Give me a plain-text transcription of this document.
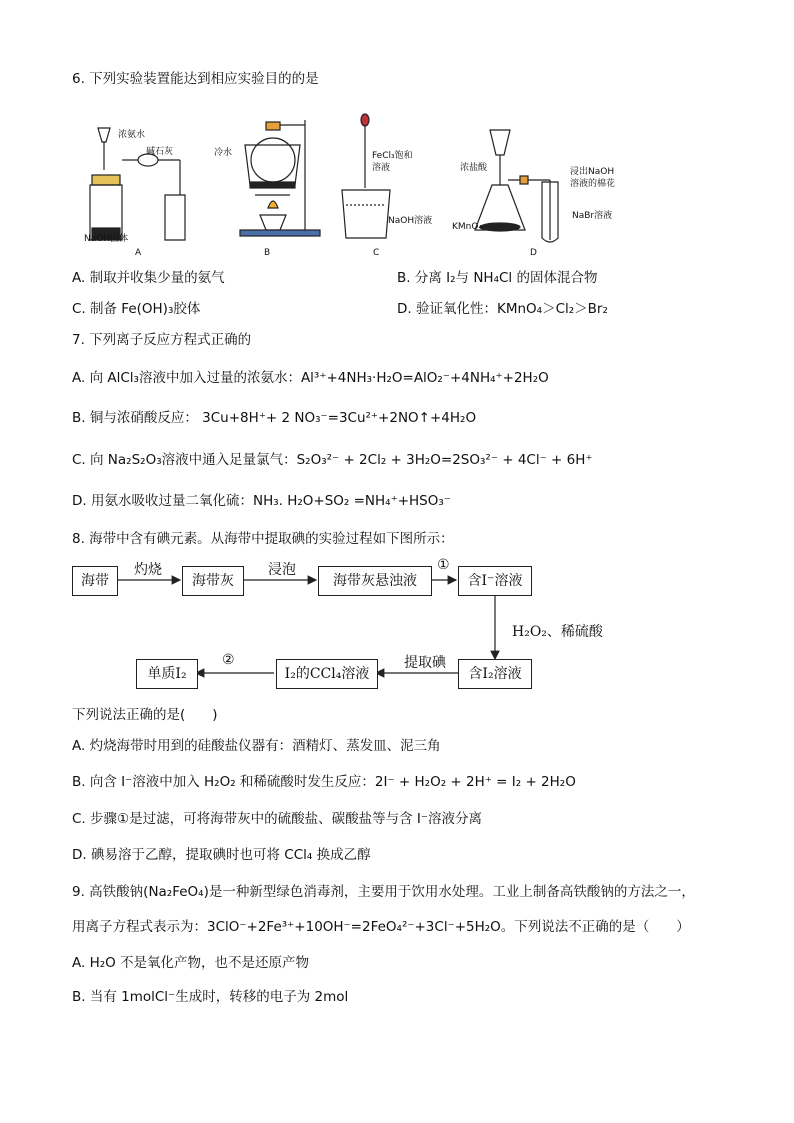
6. 下列实验装置能达到相应实验目的的是
浓氨水
碱石灰
NaOH固体
A
冷水
B
FeCl₃饱和
溶液
NaOH溶液
C
浓盐酸	浸出NaOH
溶液的棉花
NaBr溶液
KMnO₄
D
A. 制取并收集少量的氨气	B. 分离 I₂与 NH₄Cl 的固体混合物
C. 制备 Fe(OH)₃胶体	D. 验证氧化性：KMnO₄＞Cl₂＞Br₂
7. 下列离子反应方程式正确的
A. 向 AlCl₃溶液中加入过量的浓氨水：Al³⁺+4NH₃·H₂O=AlO₂⁻+4NH₄⁺+2H₂O
B. 铜与浓硝酸反应： 3Cu+8H⁺+ 2 NO₃⁻=3Cu²⁺+2NO↑+4H₂O
C. 向 Na₂S₂O₃溶液中通入足量氯气：S₂O₃²⁻ + 2Cl₂ + 3H₂O=2SO₃²⁻ + 4Cl⁻ + 6H⁺
D. 用氨水吸收过量二氧化硫：NH₃. H₂O+SO₂ =NH₄⁺+HSO₃⁻
8. 海带中含有碘元素。从海带中提取碘的实验过程如下图所示：
海带	海带灰	海带灰悬浊液	含I⁻溶液
含I₂溶液
I₂的CCl₄溶液
单质I₂
灼烧	浸泡	①
H₂O₂、稀硫酸
提取碘
②
下列说法正确的是(　　)
A. 灼烧海带时用到的硅酸盐仪器有：酒精灯、蒸发皿、泥三角
B. 向含 I⁻溶液中加入 H₂O₂ 和稀硫酸时发生反应：2I⁻ + H₂O₂ + 2H⁺ = I₂ + 2H₂O
C. 步骤①是过滤，可将海带灰中的硫酸盐、碳酸盐等与含 I⁻溶液分离
D. 碘易溶于乙醇，提取碘时也可将 CCl₄ 换成乙醇
9. 高铁酸钠(Na₂FeO₄)是一种新型绿色消毒剂，主要用于饮用水处理。工业上制备高铁酸钠的方法之一，
用离子方程式表示为：3ClO⁻+2Fe³⁺+10OH⁻=2FeO₄²⁻+3Cl⁻+5H₂O。下列说法不正确的是（　　）
A. H₂O 不是氧化产物，也不是还原产物
B. 当有 1molCl⁻生成时，转移的电子为 2mol
